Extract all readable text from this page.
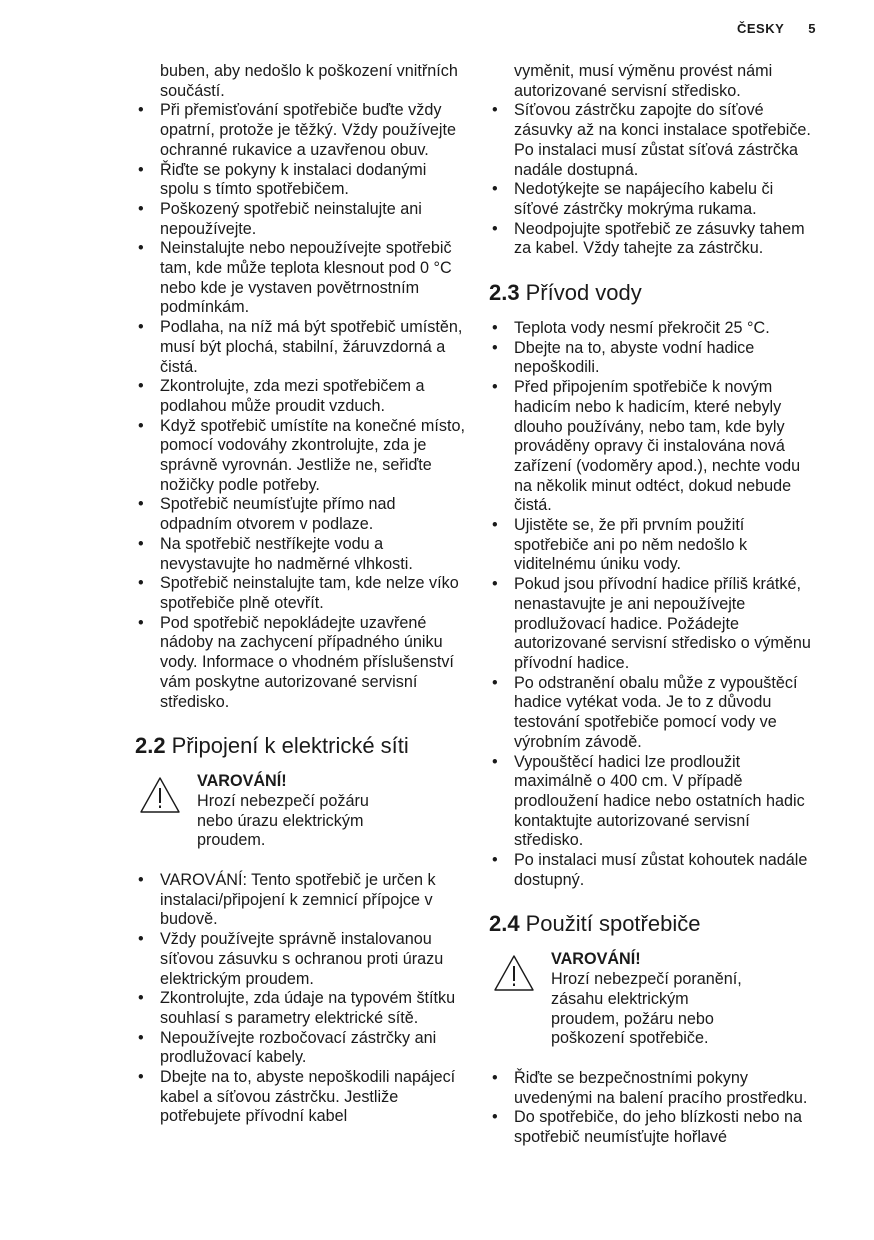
ČESKY 5

buben, aby nedošlo k poškození vnitřních součástí.

• Při přemisťování spotřebiče buďte vždy opatrní, protože je těžký. Vždy používejte ochranné rukavice a uzavřenou obuv.
• Řiďte se pokyny k instalaci dodanými spolu s tímto spotřebičem.
• Poškozený spotřebič neinstalujte ani nepoužívejte.
• Neinstalujte nebo nepoužívejte spotřebič tam, kde může teplota klesnout pod 0 °C nebo kde je vystaven povětrnostním podmínkám.
• Podlaha, na níž má být spotřebič umístěn, musí být plochá, stabilní, žáruvzdorná a čistá.
• Zkontrolujte, zda mezi spotřebičem a podlahou může proudit vzduch.
• Když spotřebič umístíte na konečné místo, pomocí vodováhy zkontrolujte, zda je správně vyrovnán. Jestliže ne, seřiďte nožičky podle potřeby.
• Spotřebič neumísťujte přímo nad odpadním otvorem v podlaze.
• Na spotřebič nestříkejte vodu a nevystavujte ho nadměrné vlhkosti.
• Spotřebič neinstalujte tam, kde nelze víko spotřebiče plně otevřít.
• Pod spotřebič nepokládejte uzavřené nádoby na zachycení případného úniku vody. Informace o vhodném příslušenství vám poskytne autorizované servisní středisko.
2.2 Připojení k elektrické síti
VAROVÁNÍ!
Hrozí nebezpečí požáru nebo úrazu elektrickým proudem.
• VAROVÁNÍ: Tento spotřebič je určen k instalaci/připojení k zemnicí přípojce v budově.
• Vždy používejte správně instalovanou síťovou zásuvku s ochranou proti úrazu elektrickým proudem.
• Zkontrolujte, zda údaje na typovém štítku souhlasí s parametry elektrické sítě.
• Nepoužívejte rozbočovací zástrčky ani prodlužovací kabely.
• Dbejte na to, abyste nepoškodili napájecí kabel a síťovou zástrčku. Jestliže potřebujete přívodní kabel

vyměnit, musí výměnu provést námi autorizované servisní středisko.

• Síťovou zástrčku zapojte do síťové zásuvky až na konci instalace spotřebiče. Po instalaci musí zůstat síťová zástrčka nadále dostupná.
• Nedotýkejte se napájecího kabelu či síťové zástrčky mokrýma rukama.
• Neodpojujte spotřebič ze zásuvky tahem za kabel. Vždy tahejte za zástrčku.
2.3 Přívod vody
• Teplota vody nesmí překročit 25 °C.
• Dbejte na to, abyste vodní hadice nepoškodili.
• Před připojením spotřebiče k novým hadicím nebo k hadicím, které nebyly dlouho používány, nebo tam, kde byly prováděny opravy či instalována nová zařízení (vodoměry apod.), nechte vodu na několik minut odtéct, dokud nebude čistá.
• Ujistěte se, že při prvním použití spotřebiče ani po něm nedošlo k viditelnému úniku vody.
• Pokud jsou přívodní hadice příliš krátké, nenastavujte je ani nepoužívejte prodlužovací hadice. Požádejte autorizované servisní středisko o výměnu přívodní hadice.
• Po odstranění obalu může z vypouštěcí hadice vytékat voda. Je to z důvodu testování spotřebiče pomocí vody ve výrobním závodě.
• Vypouštěcí hadici lze prodloužit maximálně o 400 cm. V případě prodloužení hadice nebo ostatních hadic kontaktujte autorizované servisní středisko.
• Po instalaci musí zůstat kohoutek nadále dostupný.
2.4 Použití spotřebiče
VAROVÁNÍ!
Hrozí nebezpečí poranění, zásahu elektrickým proudem, požáru nebo poškození spotřebiče.
• Řiďte se bezpečnostními pokyny uvedenými na balení pracího prostředku.
• Do spotřebiče, do jeho blízkosti nebo na spotřebič neumísťujte hořlavé
